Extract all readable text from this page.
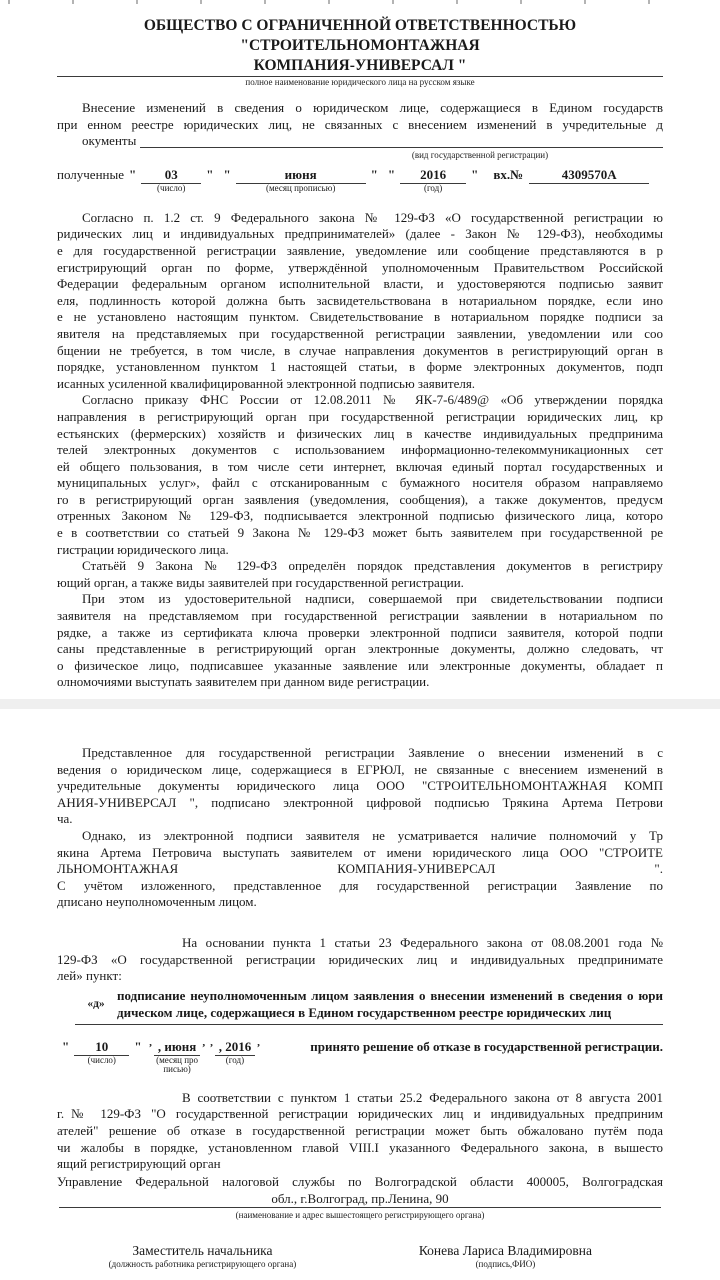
ОБЩЕСТВО С ОГРАНИЧЕННОЙ ОТВЕТСТВЕННОСТЬЮ "СТРОИТЕЛЬНОМОНТАЖНАЯ
КОМПАНИЯ-УНИВЕРСАЛ "
полное наименование юридического лица на русском языке
Внесение изменений в сведения о юридическом лице, содержащиеся в Едином государств
при енном реестре юридических лиц, не связанных с внесением изменений в учредительные д
окументы
(вид государственной регистрации)
полученные "	03
(число)
" "	июня
(месяц прописью)
" "	2016
(год)
"	вх.№	4309570А
Согласно п. 1.2 ст. 9 Федерального закона № 129-ФЗ «О государственной регистрации ю
ридических лиц и индивидуальных предпринимателей» (далее - Закон № 129-ФЗ), необходимы
е для государственной регистрации заявление, уведомление или сообщение представляются в р
егистрирующий орган по форме, утверждённой уполномоченным Правительством Российской
Федерации федеральным органом исполнительной власти, и удостоверяются подписью заявит
еля, подлинность которой должна быть засвидетельствована в нотариальном порядке, если ино
е не установлено настоящим пунктом. Свидетельствование в нотариальном порядке подписи за
явителя на представляемых при государственной регистрации заявлении, уведомлении или соо
бщении не требуется, в том числе, в случае направления документов в регистрирующий орган в
порядке, установленном пунктом 1 настоящей статьи, в форме электронных документов, подп
исанных усиленной квалифицированной электронной подписью заявителя.
Согласно приказу ФНС России от 12.08.2011 № ЯК-7-6/489@ «Об утверждении порядка
направления в регистрирующий орган при государственной регистрации юридических лиц, кр
естьянских (фермерских) хозяйств и физических лиц в качестве индивидуальных предпринима
телей электронных документов с использованием информационно-телекоммуникационных сет
ей общего пользования, в том числе сети интернет, включая единый портал государственных и
муниципальных услуг», файл с отсканированным с бумажного носителя образом направляемо
го в регистрирующий орган заявления (уведомления, сообщения), а также документов, предусм
отренных Законом № 129-ФЗ, подписывается электронной подписью физического лица, которо
е в соответствии со статьей 9 Закона № 129-ФЗ может быть заявителем при государственной ре
гистрации юридического лица.
Статьёй 9 Закона № 129-ФЗ определён порядок представления документов в регистриру
ющий орган, а также виды заявителей при государственной регистрации.
При этом из удостоверительной надписи, совершаемой при свидетельствовании подписи
заявителя на представляемом при государственной регистрации заявлении в нотариальном по
рядке, а также из сертификата ключа проверки электронной подписи заявителя, которой подпи
саны представленные в регистрирующий орган электронные документы, должно следовать, чт
о физическое лицо, подписавшее указанные заявление или электронные документы, обладает п
олномочиями выступать заявителем при данном виде регистрации.
Представленное для государственной регистрации Заявление о внесении изменений в с
ведения о юридическом лице, содержащиеся в ЕГРЮЛ, не связанные с внесением изменений в
учредительные документы юридического лица ООО "СТРОИТЕЛЬНОМОНТАЖНАЯ КОМП
АНИЯ-УНИВЕРСАЛ ", подписано электронной цифровой подписью Трякина Артема Петрови
ча.
Однако, из электронной подписи заявителя не усматривается наличие полномочий у Тр
якина Артема Петровича выступать заявителем от имени юридического лица ООО "СТРОИТЕ
ЛЬНОМОНТАЖНАЯ КОМПАНИЯ-УНИВЕРСАЛ ".
С учётом изложенного, представленное для государственной регистрации Заявление по
дписано неуполномоченным лицом.
На основании пункта 1 статьи 23 Федерального закона от 08.08.2001 года №
129-ФЗ «О государственной регистрации юридических лиц и индивидуальных предпринимате
лей» пункт:
«д»
подписание неуполномоченным лицом заявления о внесении изменений в сведения о юри
дическом лице, содержащиеся в Едином государственном реестре юридических лиц
"	10
(число)
" ’ , июня
(месяц про писью)
’ ’ , 2016
(год)
’	принято решение об отказе в государственной регистрации.
В соответствии с пунктом 1 статьи 25.2 Федерального закона от 8 августа 2001
г.№ 129-ФЗ "О государственной регистрации юридических лиц и индивидуальных предприним
ателей" решение об отказе в государственной регистрации может быть обжаловано путём пода
чи жалобы в порядке, установленном главой VIII.I указанного Федерального закона, в вышесто
ящий регистрирующий орган
Управление Федеральной налоговой службы по Волгоградской области 400005, Волгоградская
обл., г.Волгоград, пр.Ленина, 90
(наименование и адрес вышестоящего регистрирующего органа)
Заместитель начальника
(должность работника регистрирующего органа)
Конева Лариса Владимировна
(подпись,ФИО)
